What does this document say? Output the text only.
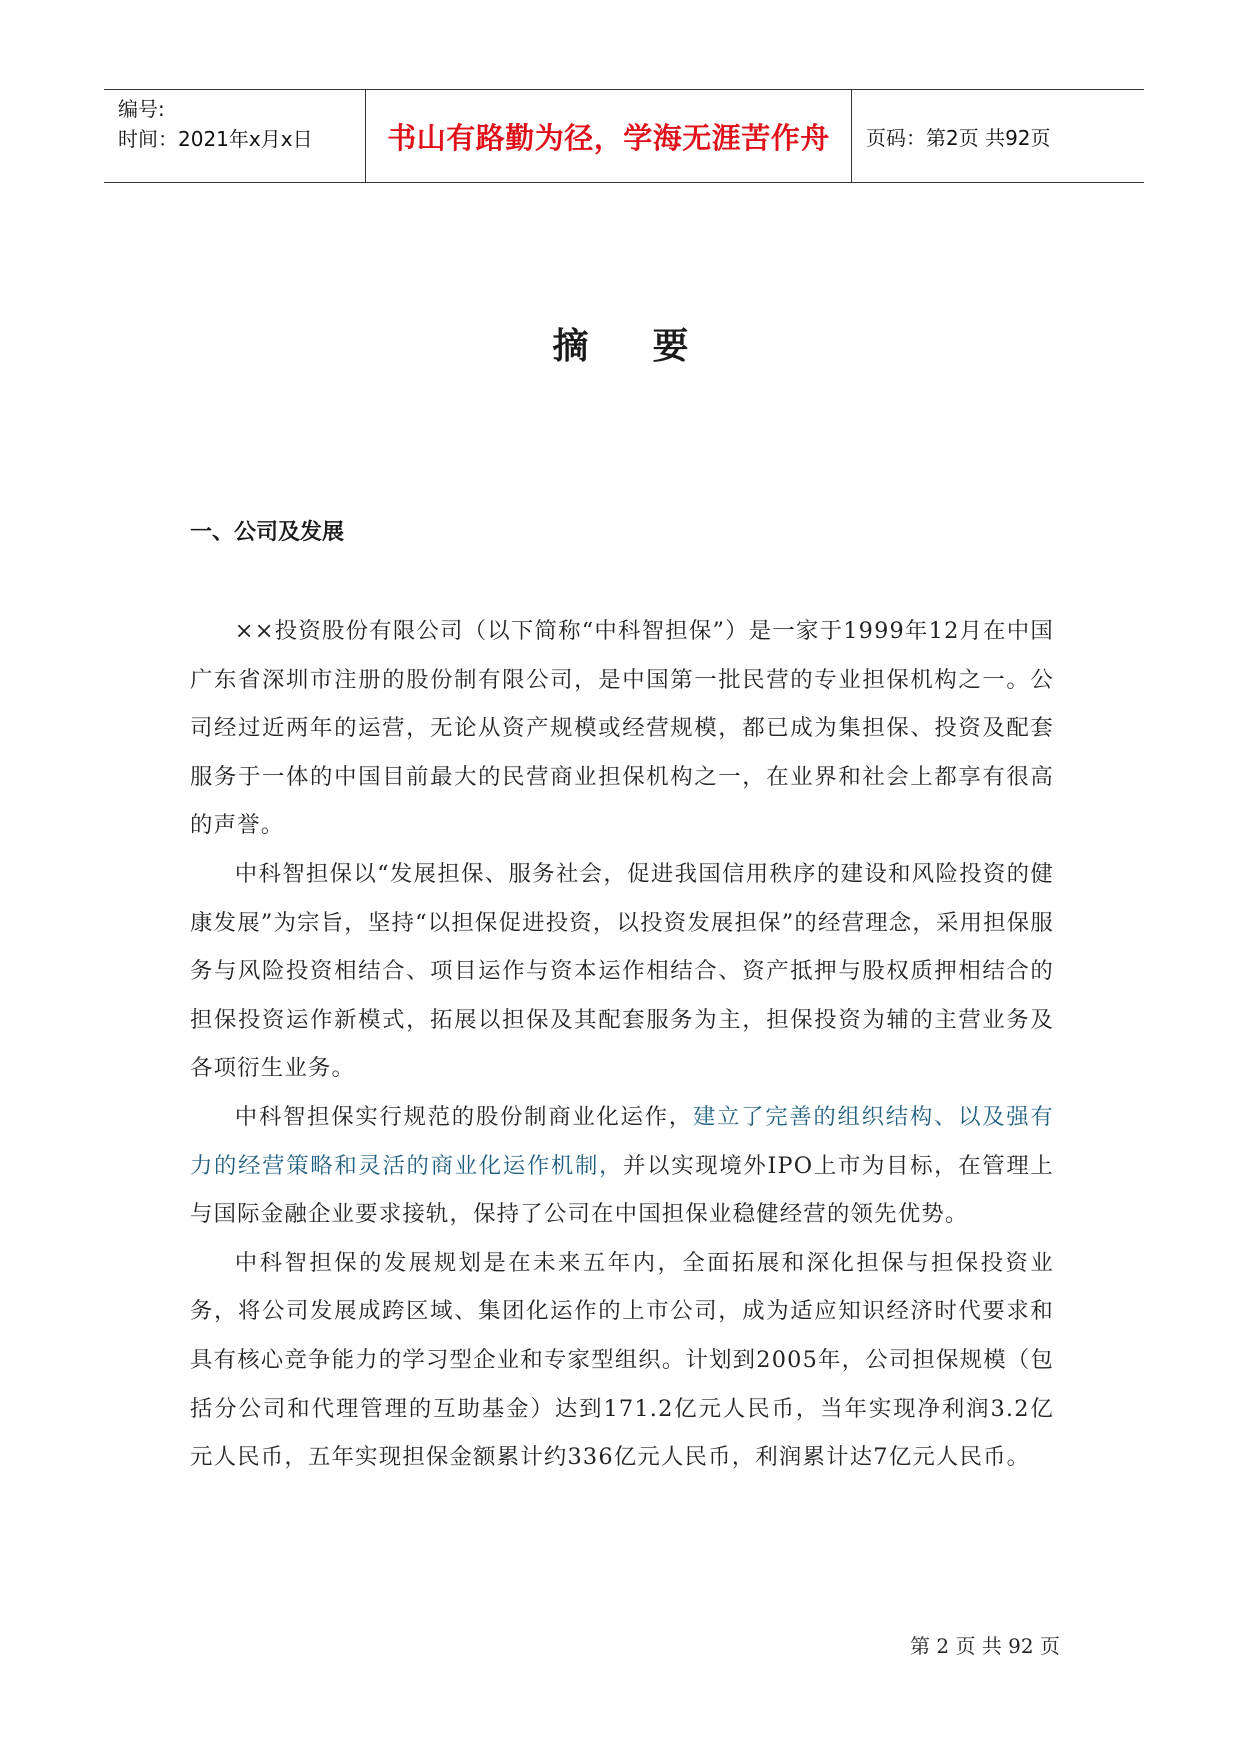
编号:
时间：2021年x月x日	书山有路勤为径，学海无涯苦作舟	页码：第2页 共92页
摘要
一、公司及发展

××投资股份有限公司（以下简称“中科智担保”）是一家于1999年12月在中国广东省深圳市注册的股份制有限公司，是中国第一批民营的专业担保机构之一。公司经过近两年的运营，无论从资产规模或经营规模，都已成为集担保、投资及配套服务于一体的中国目前最大的民营商业担保机构之一，在业界和社会上都享有很高的声誉。

中科智担保以“发展担保、服务社会，促进我国信用秩序的建设和风险投资的健康发展”为宗旨，坚持“以担保促进投资，以投资发展担保”的经营理念，采用担保服务与风险投资相结合、项目运作与资本运作相结合、资产抵押与股权质押相结合的担保投资运作新模式，拓展以担保及其配套服务为主，担保投资为辅的主营业务及各项衍生业务。

中科智担保实行规范的股份制商业化运作，建立了完善的组织结构、以及强有力的经营策略和灵活的商业化运作机制，并以实现境外IPO上市为目标，在管理上与国际金融企业要求接轨，保持了公司在中国担保业稳健经营的领先优势。

中科智担保的发展规划是在未来五年内，全面拓展和深化担保与担保投资业务，将公司发展成跨区域、集团化运作的上市公司，成为适应知识经济时代要求和具有核心竞争能力的学习型企业和专家型组织。计划到2005年，公司担保规模（包括分公司和代理管理的互助基金）达到171.2亿元人民币，当年实现净利润3.2亿元人民币，五年实现担保金额累计约336亿元人民币，利润累计达7亿元人民币。

第 2 页 共 92 页
